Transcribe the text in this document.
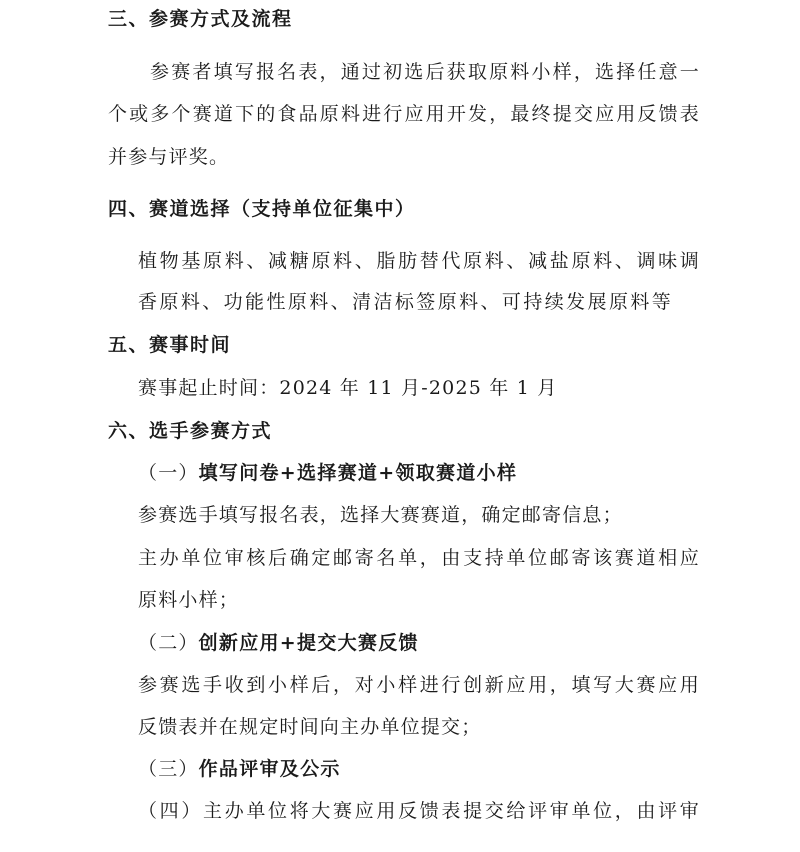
三、参赛方式及流程
参赛者填写报名表，通过初选后获取原料小样，选择任意一
个或多个赛道下的食品原料进行应用开发，最终提交应用反馈表
并参与评奖。
四、赛道选择（支持单位征集中）
植物基原料、减糖原料、脂肪替代原料、减盐原料、调味调
香原料、功能性原料、清洁标签原料、可持续发展原料等
五、赛事时间
赛事起止时间：2024 年 11 月-2025 年 1 月
六、选手参赛方式
（一）填写问卷+选择赛道+领取赛道小样
参赛选手填写报名表，选择大赛赛道，确定邮寄信息；
主办单位审核后确定邮寄名单，由支持单位邮寄该赛道相应
原料小样；
（二）创新应用+提交大赛反馈
参赛选手收到小样后，对小样进行创新应用，填写大赛应用
反馈表并在规定时间向主办单位提交；
（三）作品评审及公示
（四）主办单位将大赛应用反馈表提交给评审单位，由评审
